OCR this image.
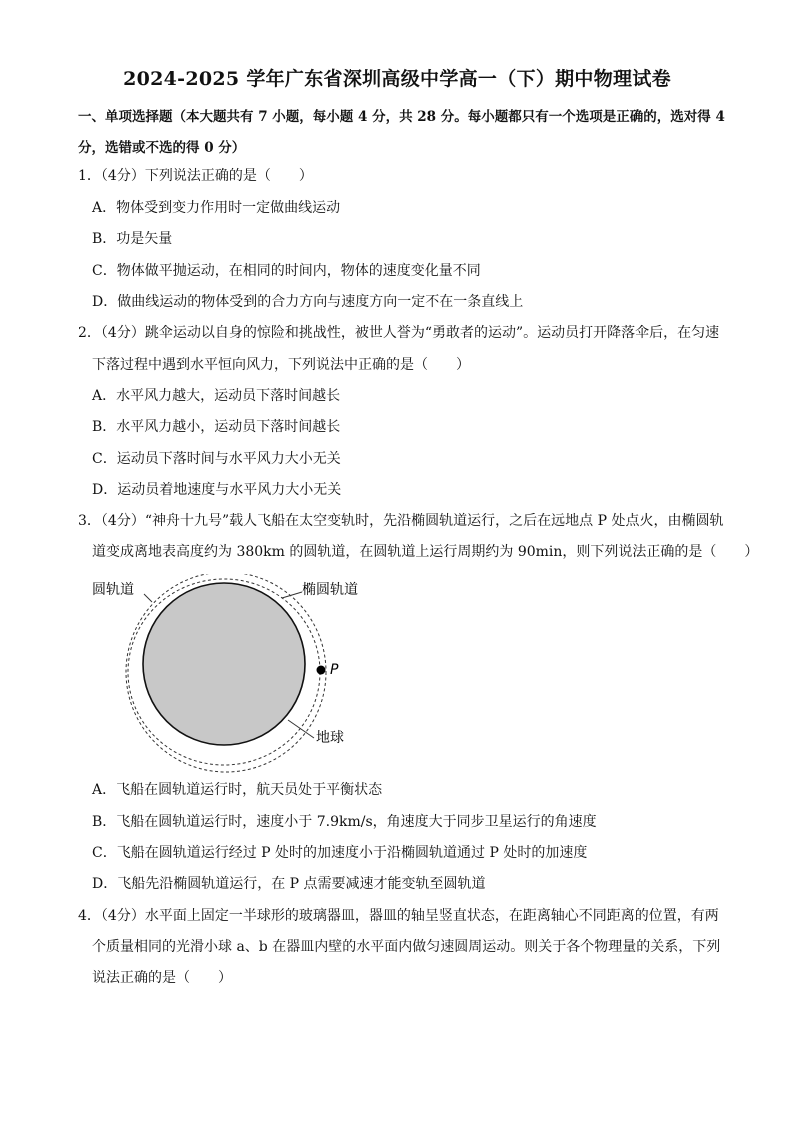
2024-2025 学年广东省深圳高级中学高一（下）期中物理试卷
一、单项选择题（本大题共有 7 小题，每小题 4 分，共 28 分。每小题都只有一个选项是正确的，选对得 4 分，选错或不选的得 0 分）
1．（4分）下列说法正确的是（　　）
A．物体受到变力作用时一定做曲线运动
B．功是矢量
C．物体做平抛运动，在相同的时间内，物体的速度变化量不同
D．做曲线运动的物体受到的合力方向与速度方向一定不在一条直线上
2．（4分）跳伞运动以自身的惊险和挑战性，被世人誉为“勇敢者的运动”。运动员打开降落伞后，在匀速
下落过程中遇到水平恒向风力，下列说法中正确的是（　　）
A．水平风力越大，运动员下落时间越长
B．水平风力越小，运动员下落时间越长
C．运动员下落时间与水平风力大小无关
D．运动员着地速度与水平风力大小无关
3．（4分）“神舟十九号”载人飞船在太空变轨时，先沿椭圆轨道运行，之后在远地点 P 处点火，由椭圆轨
道变成离地表高度约为 380km 的圆轨道，在圆轨道上运行周期约为 90min，则下列说法正确的是（　　）
P
圆轨道	椭圆轨道
地球
A．飞船在圆轨道运行时，航天员处于平衡状态
B．飞船在圆轨道运行时，速度小于 7.9km/s，角速度大于同步卫星运行的角速度
C．飞船在圆轨道运行经过 P 处时的加速度小于沿椭圆轨道通过 P 处时的加速度
D．飞船先沿椭圆轨道运行，在 P 点需要减速才能变轨至圆轨道
4．（4分）水平面上固定一半球形的玻璃器皿，器皿的轴呈竖直状态，在距离轴心不同距离的位置，有两
个质量相同的光滑小球 a、b 在器皿内壁的水平面内做匀速圆周运动。则关于各个物理量的关系，下列
说法正确的是（　　）
